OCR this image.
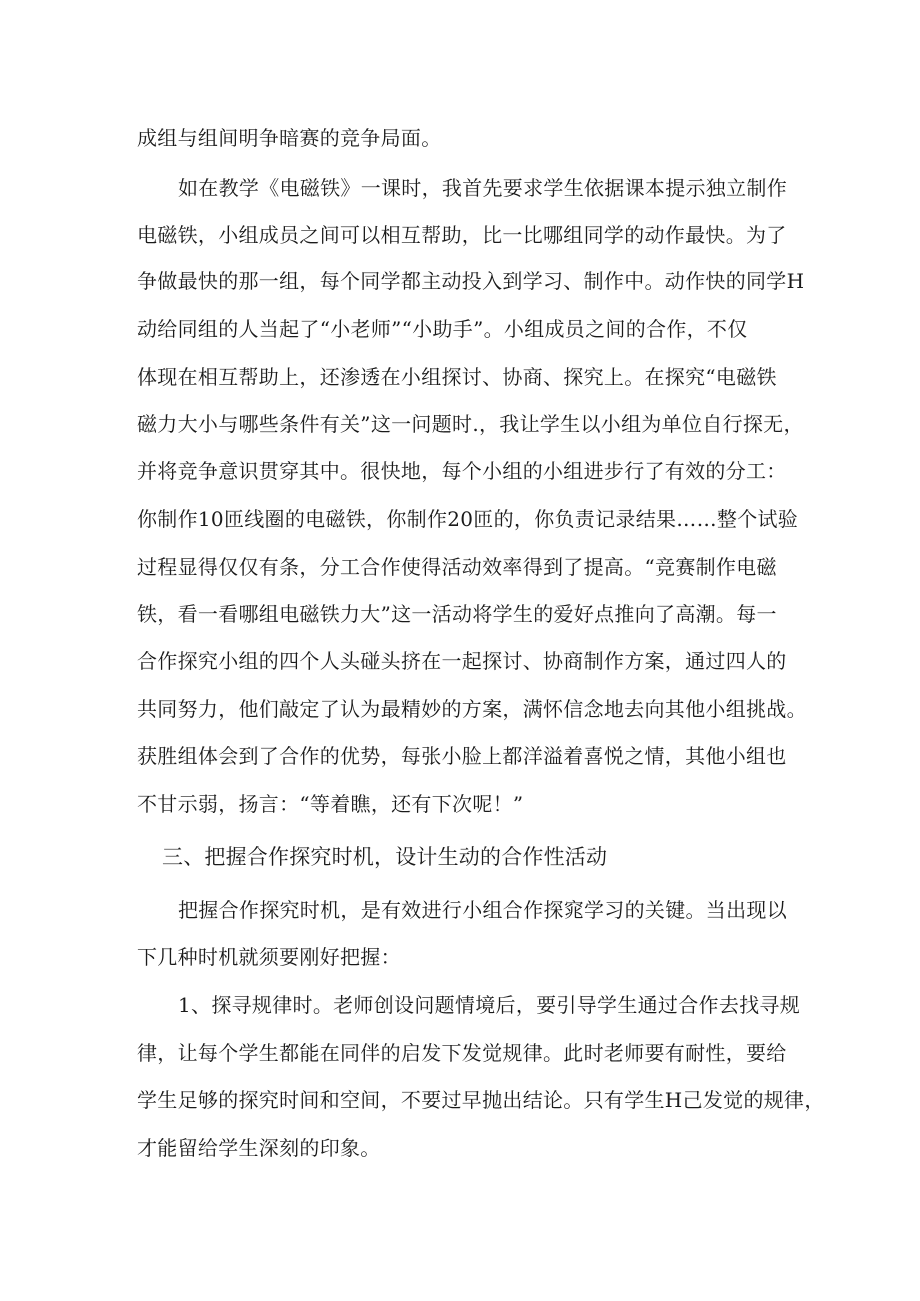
成组与组间明争暗赛的竞争局面。
如在教学《电磁铁》一课时，我首先要求学生依据课本提示独立制作
电磁铁，小组成员之间可以相互帮助，比一比哪组同学的动作最快。为了
争做最快的那一组，每个同学都主动投入到学习、制作中。动作快的同学H
动给同组的人当起了“小老师”“小助手”。小组成员之间的合作，不仅
体现在相互帮助上，还渗透在小组探讨、协商、探究上。在探究“电磁铁
磁力大小与哪些条件有关”这一问题时.，我让学生以小组为单位自行探无，
并将竞争意识贯穿其中。很快地，每个小组的小组进步行了有效的分工：
你制作10匝线圈的电磁铁，你制作20匝的，你负责记录结果……整个试验
过程显得仅仅有条，分工合作使得活动效率得到了提高。“竞赛制作电磁
铁，看一看哪组电磁铁力大”这一活动将学生的爱好点推向了高潮。每一
合作探究小组的四个人头碰头挤在一起探讨、协商制作方案，通过四人的
共同努力，他们敲定了认为最精妙的方案，满怀信念地去向其他小组挑战。
获胜组体会到了合作的优势，每张小脸上都洋溢着喜悦之情，其他小组也
不甘示弱，扬言：“等着瞧，还有下次呢！”
三、把握合作探究时机，设计生动的合作性活动
把握合作探究时机，是有效进行小组合作探窕学习的关键。当出现以
下几种时机就须要刚好把握：
1、探寻规律时。老师创设问题情境后，要引导学生通过合作去找寻规
律，让每个学生都能在同伴的启发下发觉规律。此时老师要有耐性，要给
学生足够的探究时间和空间，不要过早抛出结论。只有学生H己发觉的规律，
才能留给学生深刻的印象。
